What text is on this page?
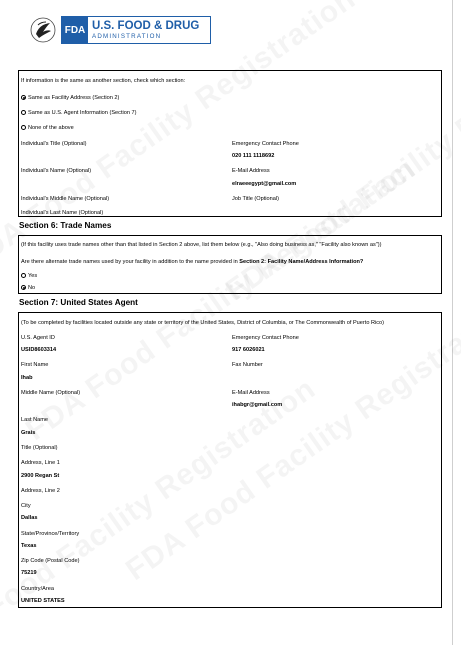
FDA U.S. FOOD & DRUG
ADMINISTRATION
If information is the same as another section, check which section:
Same as Facility Address (Section 2)
Same as U.S. Agent Information (Section 7)
None of the above
Individual's Title (Optional)	Emergency Contact Phone
020 111 1118692
Individual's Name (Optional)	E-Mail Address
elraeeegypt@gmail.com
Individual's Middle Name (Optional)	Job Title (Optional)
Individual's Last Name (Optional)
Section 6: Trade Names
(If this facility uses trade names other than that listed in Section 2 above, list them below (e.g., "Also doing business as," "Facility also known as"))
Are there alternate trade names used by your facility in addition to the name provided in Section 2: Facility Name/Address Information?
Yes
No
Section 7: United States Agent
(To be completed by facilities located outside any state or territory of the United States, District of Columbia, or The Commonwealth of Puerto Rico)
U.S. Agent ID
USID8603314
Emergency Contact Phone
917 6026021
First Name
Ihab
Fax Number
Middle Name (Optional)	E-Mail Address
ihabgr@gmail.com
Last Name
Grais
Title (Optional)
Address, Line 1
2900 Regan St
Address, Line 2
City
Dallas
State/Province/Territory
Texas
Zip Code (Postal Code)
75219
Country/Area
UNITED STATES
